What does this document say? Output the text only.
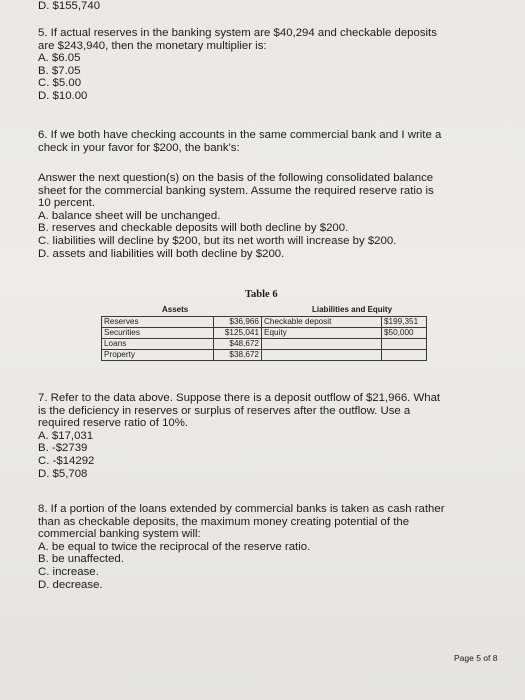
D. $155,740

5. If actual reserves in the banking system are $40,294 and checkable deposits

are $243,940, then the monetary multiplier is:

A. $6.05

B. $7.05

C. $5.00

D. $10.00

6. If we both have checking accounts in the same commercial bank and I write a

check in your favor for $200, the bank's:

Answer the next question(s) on the basis of the following consolidated balance

sheet for the commercial banking system. Assume the required reserve ratio is

10 percent.

A. balance sheet will be unchanged.

B. reserves and checkable deposits will both decline by $200.

C. liabilities will decline by $200, but its net worth will increase by $200.

D. assets and liabilities will both decline by $200.

Table 6
Assets	Liabilities and Equity
Reserves	$36,966	Checkable deposit	$199,351
Securities	$125,041	Equity	$50,000
Loans	$48,672		
Property	$38,672		

7. Refer to the data above. Suppose there is a deposit outflow of $21,966. What

is the deficiency in reserves or surplus of reserves after the outflow. Use a

required reserve ratio of 10%.

A. $17,031

B. -$2739

C. -$14292

D. $5,708

8. If a portion of the loans extended by commercial banks is taken as cash rather

than as checkable deposits, the maximum money creating potential of the

commercial banking system will:

A. be equal to twice the reciprocal of the reserve ratio.

B. be unaffected.

C. increase.

D. decrease.

Page 5 of 8
